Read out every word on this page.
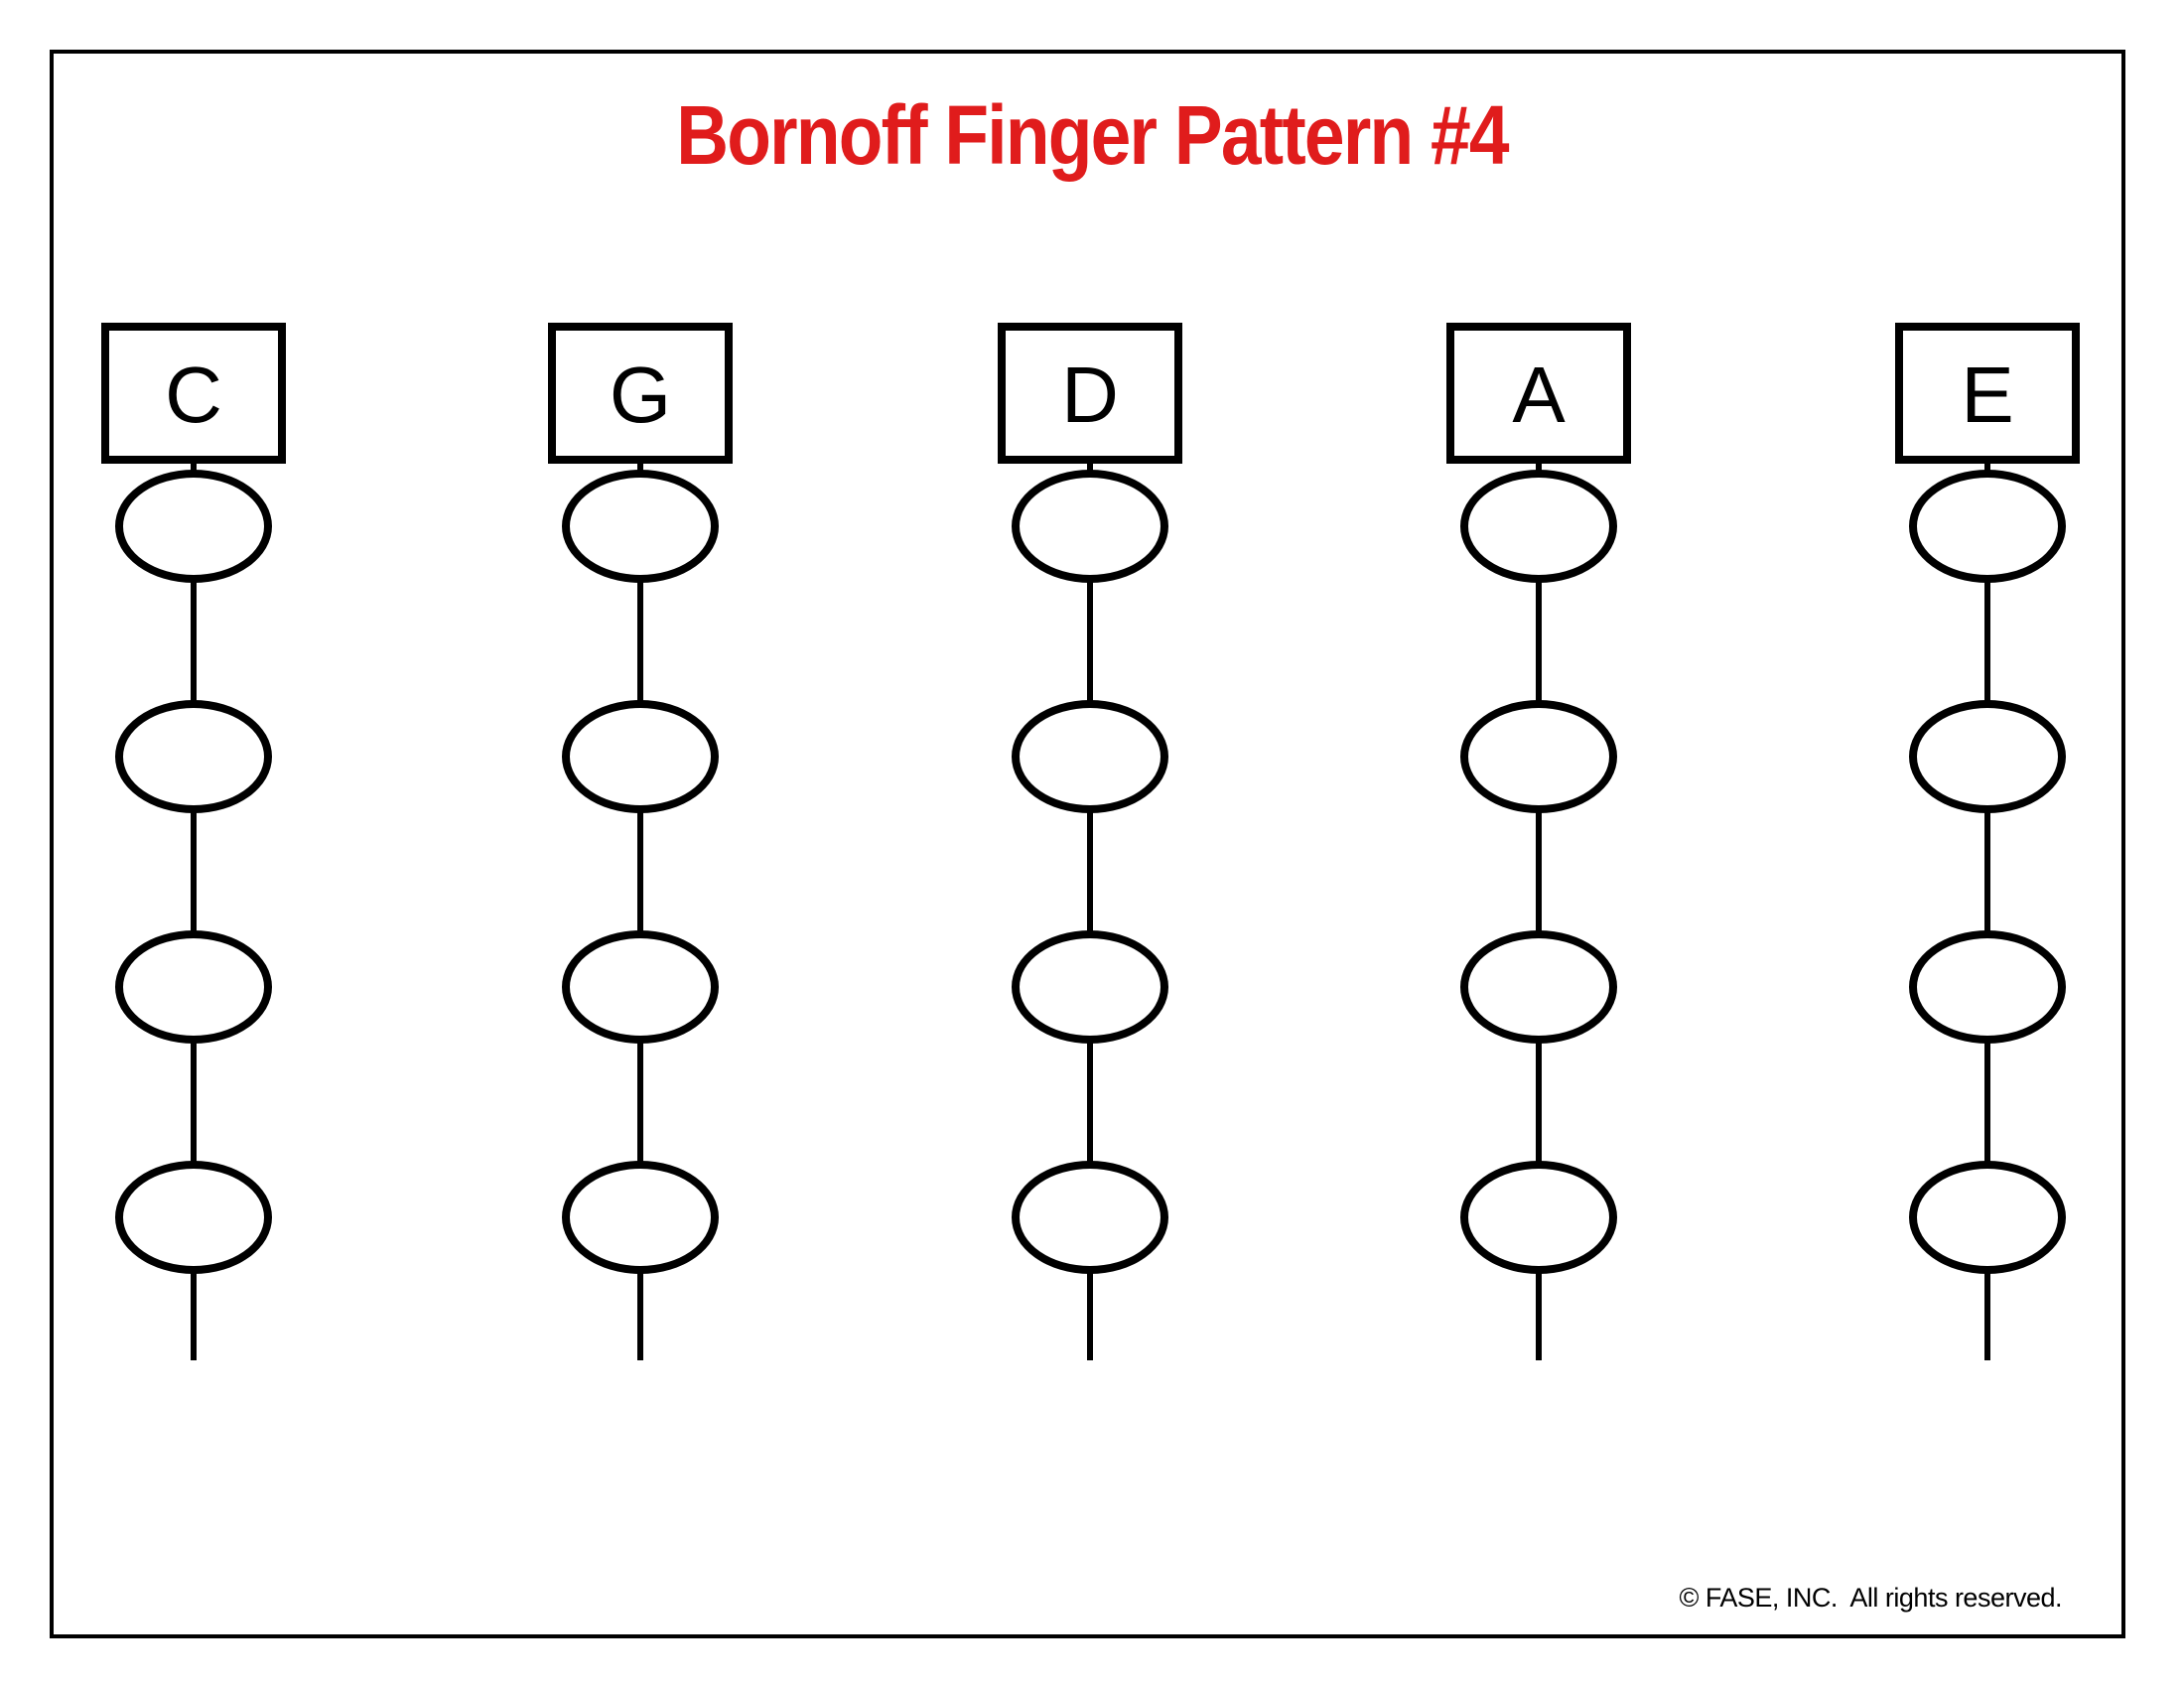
Bornoff Finger Pattern #4
C	G	D	A	E
© FASE, INC.  All rights reserved.
